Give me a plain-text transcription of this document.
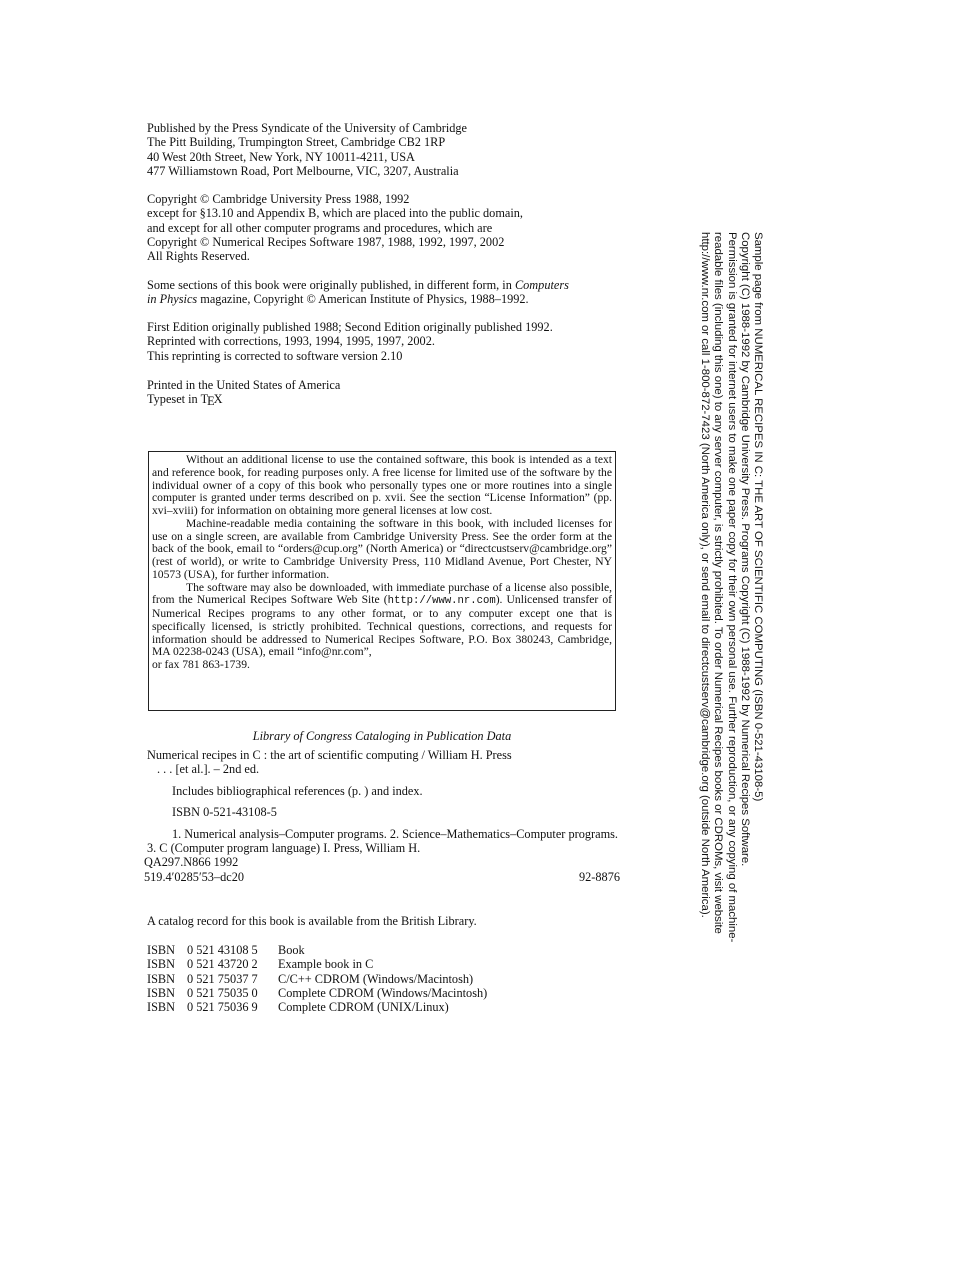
Published by the Press Syndicate of the University of Cambridge
The Pitt Building, Trumpington Street, Cambridge CB2 1RP
40 West 20th Street, New York, NY 10011-4211, USA
477 Williamstown Road, Port Melbourne, VIC, 3207, Australia
Copyright © Cambridge University Press 1988, 1992
except for §13.10 and Appendix B, which are placed into the public domain,
and except for all other computer programs and procedures, which are
Copyright © Numerical Recipes Software 1987, 1988, 1992, 1997, 2002
All Rights Reserved.
Some sections of this book were originally published, in different form, in Computers
in Physics magazine, Copyright © American Institute of Physics, 1988–1992.
First Edition originally published 1988; Second Edition originally published 1992.
Reprinted with corrections, 1993, 1994, 1995, 1997, 2002.
This reprinting is corrected to software version 2.10
Printed in the United States of America
Typeset in TEX

Without an additional license to use the contained software, this book is intended as a text and reference book, for reading purposes only. A free license for limited use of the software by the individual owner of a copy of this book who personally types one or more routines into a single computer is granted under terms described on p. xvii. See the section “License Information” (pp. xvi–xviii) for information on obtaining more general licenses at low cost.

Machine-readable media containing the software in this book, with included licenses for use on a single screen, are available from Cambridge University Press. See the order form at the back of the book, email to “orders@cup.org” (North America) or “directcustserv@cambridge.org” (rest of world), or write to Cambridge University Press, 110 Midland Avenue, Port Chester, NY 10573 (USA), for further information.

The software may also be downloaded, with immediate purchase of a license also possible, from the Numerical Recipes Software Web Site (http://www.nr.com). Unlicensed transfer of Numerical Recipes programs to any other format, or to any computer except one that is specifically licensed, is strictly prohibited. Technical questions, corrections, and requests for information should be addressed to Numerical Recipes Software, P.O. Box 380243, Cambridge, MA 02238-0243 (USA), email “info@nr.com”,

or fax 781 863-1739.

Library of Congress Cataloging in Publication Data
Numerical recipes in C : the art of scientific computing / William H. Press
. . . [et al.]. – 2nd ed.
Includes bibliographical references (p. ) and index.
ISBN 0-521-43108-5
1. Numerical analysis–Computer programs. 2. Science–Mathematics–Computer programs.
3. C (Computer program language) I. Press, William H.
QA297.N866 1992
519.4′0285′53–dc20	92-8876
A catalog record for this book is available from the British Library.
ISBN 0 521 43108 5	Book
ISBN 0 521 43720 2	Example book in C
ISBN 0 521 75037 7	C/C++ CDROM (Windows/Macintosh)
ISBN 0 521 75035 0	Complete CDROM (Windows/Macintosh)
ISBN 0 521 75036 9	Complete CDROM (UNIX/Linux)
Sample page from NUMERICAL RECIPES IN C: THE ART OF SCIENTIFIC COMPUTING (ISBN 0-521-43108-5)
Copyright (C) 1988-1992 by Cambridge University Press. Programs Copyright (C) 1988-1992 by Numerical Recipes Software.
Permission is granted for internet users to make one paper copy for their own personal use. Further reproduction, or any copying of machine-
readable files (including this one) to any server computer, is strictly prohibited. To order Numerical Recipes books or CDROMs, visit website
http://www.nr.com or call 1-800-872-7423 (North America only), or send email to directcustserv@cambridge.org (outside North America).
